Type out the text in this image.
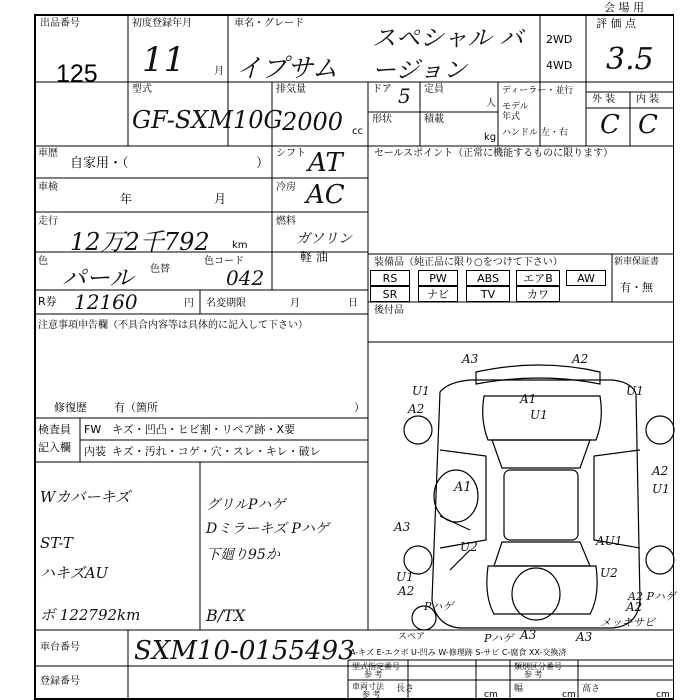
出品番号
125
初度登録年月
11	月
車名・グレード
イプサム
スペシャル バージョン
2WD
4WD
会 場 用
評 価 点
3.5
型式
GF-SXM10G
排気量
2000 cc
ドア 5 定員
人
形状	積載
kg
ディーラー・並行
モデル年式
ハンドル 左・右
外 装 内 装
C C
車歴
自家用・（	）
シフト AT
車検
年	月
冷房 AC
走行
12万2千792 km
燃料
ガソリン
軽 油
色
パール 色替
色コード
042
R券 12160	円 名変期限	月	日
注意事項申告欄（不具合内容等は具体的に記入して下さい）
修復歴 有（箇所	）
セールスポイント（正常に機能するものに限ります）
装備品（純正品に限り○をつけて下さい）	新車保証書
有・無
RS	PW	ABS	エアB	AW
SR	ナビ	TV	カワ
後付品
検査員
記入欄
FW キズ・凹凸・ヒビ割・リペア跡・X要
内装 キズ・汚れ・コゲ・穴・スレ・キレ・破レ
Wカバーキズ
ST-T
ハキズAU
ボ 122792km
グリルPハゲ
Dミラーキズ Pハゲ
下廻り95か
B/TX
A3	A2
U1	U1
A2
A1
U1
A1
A2
U1
A3
U2	AU1
U1
A2
U2
A2 Pハゲ
A2
Pハゲ
A3	A3
Pハゲ
メッキサビ
スペア
車台番号 SXM10-0155493
登録番号
A-キズ E-エクボ U-凹み W-修理跡 S-サビ C-腐食 XX-交換済
型式指定番号
参 考
類別区分番号
参 考
車両寸法
参 考
長さ
cm
幅
cm
高さ
cm
